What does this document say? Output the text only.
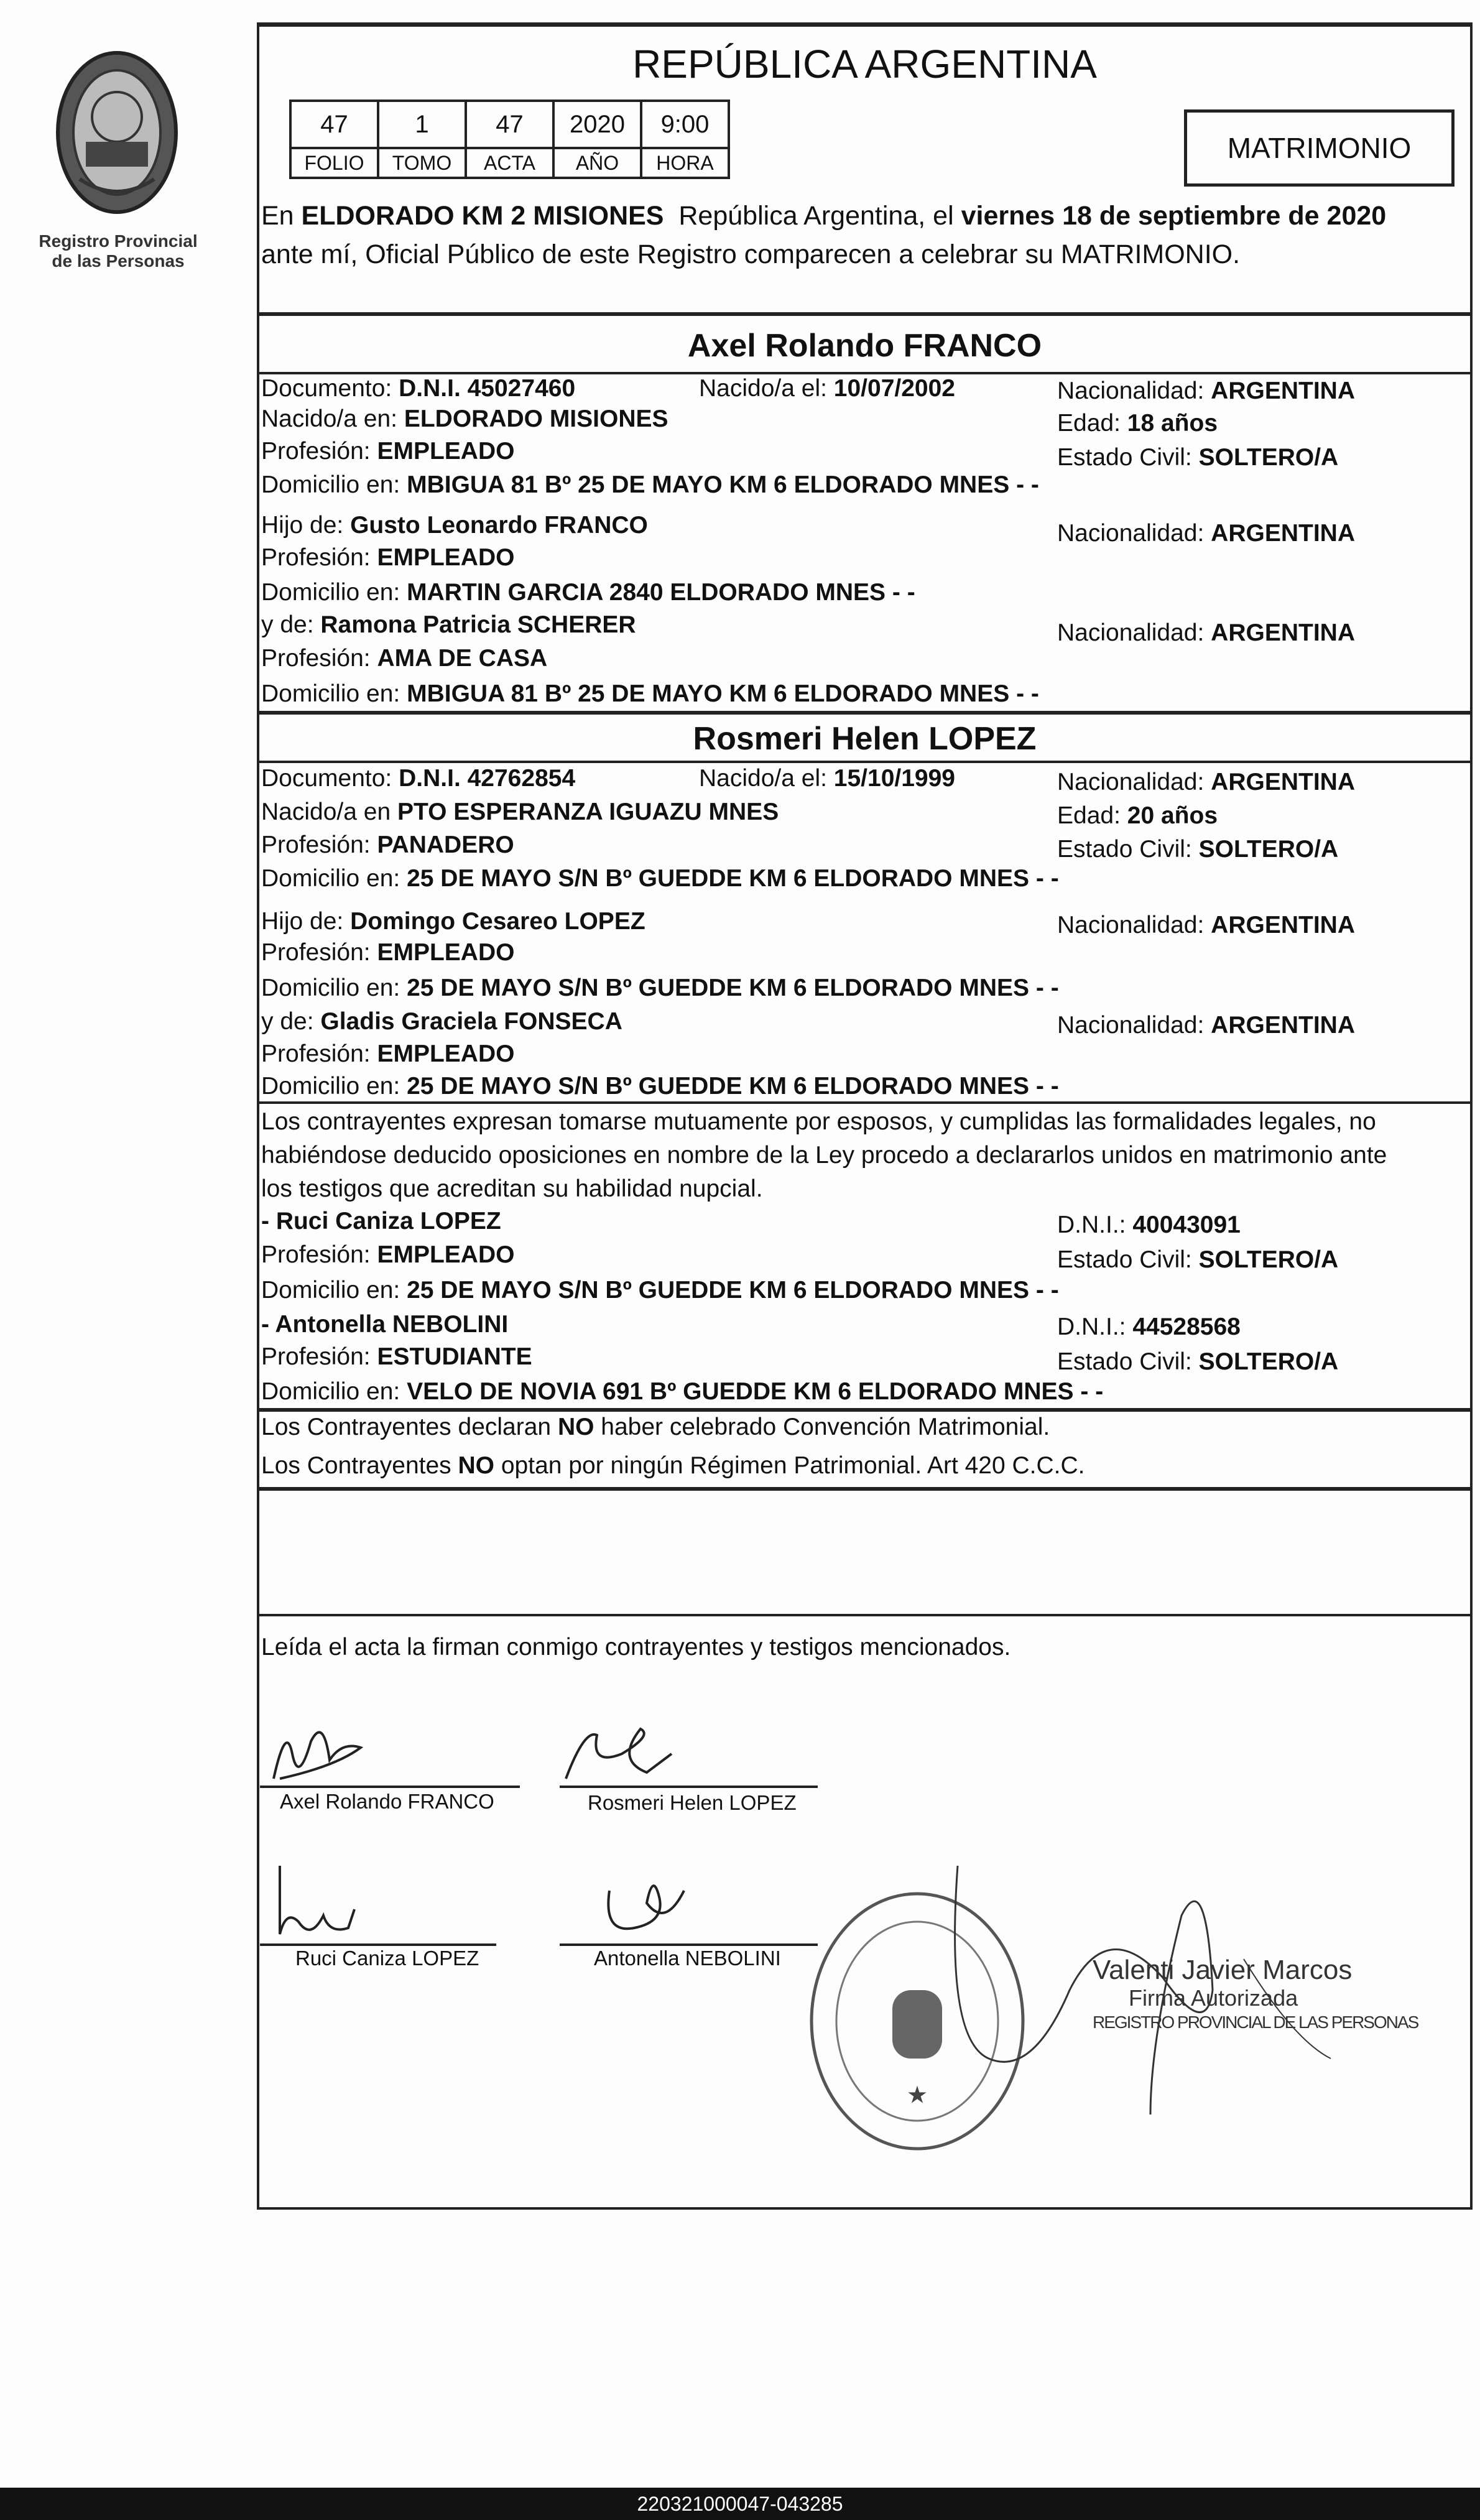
Registro Provincial
de las Personas
REPÚBLICA ARGENTINA
47	1	47	2020	9:00
FOLIO	TOMO	ACTA	AÑO	HORA	MATRIMONIO
En ELDORADO KM 2 MISIONES  República Argentina, el viernes 18 de septiembre de 2020
ante mí, Oficial Público de este Registro comparecen a celebrar su MATRIMONIO.
Axel Rolando FRANCO
Documento: D.N.I. 45027460	Nacido/a el: 10/07/2002	Nacionalidad: ARGENTINA
Nacido/a en: ELDORADO MISIONES	Edad: 18 años
Profesión: EMPLEADO	Estado Civil: SOLTERO/A
Domicilio en: MBIGUA 81 Bº 25 DE MAYO KM 6 ELDORADO MNES - -
Hijo de: Gusto Leonardo FRANCO	Nacionalidad: ARGENTINA
Profesión: EMPLEADO
Domicilio en: MARTIN GARCIA 2840 ELDORADO MNES - -
y de: Ramona Patricia SCHERER	Nacionalidad: ARGENTINA
Profesión: AMA DE CASA
Domicilio en: MBIGUA 81 Bº 25 DE MAYO KM 6 ELDORADO MNES - -
Rosmeri Helen LOPEZ
Documento: D.N.I. 42762854	Nacido/a el: 15/10/1999	Nacionalidad: ARGENTINA
Nacido/a en PTO ESPERANZA IGUAZU MNES	Edad: 20 años
Profesión: PANADERO	Estado Civil: SOLTERO/A
Domicilio en: 25 DE MAYO S/N Bº GUEDDE KM 6 ELDORADO MNES - -
Hijo de: Domingo Cesareo LOPEZ	Nacionalidad: ARGENTINA
Profesión: EMPLEADO
Domicilio en: 25 DE MAYO S/N Bº GUEDDE KM 6 ELDORADO MNES - -
y de: Gladis Graciela FONSECA	Nacionalidad: ARGENTINA
Profesión: EMPLEADO
Domicilio en: 25 DE MAYO S/N Bº GUEDDE KM 6 ELDORADO MNES - -
Los contrayentes expresan tomarse mutuamente por esposos, y cumplidas las formalidades legales, no
habiéndose deducido oposiciones en nombre de la Ley procedo a declararlos unidos en matrimonio ante
los testigos que acreditan su habilidad nupcial.
- Ruci Caniza LOPEZ	D.N.I.: 40043091
Profesión: EMPLEADO	Estado Civil: SOLTERO/A
Domicilio en: 25 DE MAYO S/N Bº GUEDDE KM 6 ELDORADO MNES - -
- Antonella NEBOLINI	D.N.I.: 44528568
Profesión: ESTUDIANTE	Estado Civil: SOLTERO/A
Domicilio en: VELO DE NOVIA 691 Bº GUEDDE KM 6 ELDORADO MNES - -
Los Contrayentes declaran NO haber celebrado Convención Matrimonial.
Los Contrayentes NO optan por ningún Régimen Patrimonial. Art 420 C.C.C.
Leída el acta la firman conmigo contrayentes y testigos mencionados.
Axel Rolando FRANCO	Rosmeri Helen LOPEZ
Ruci Caniza LOPEZ	Antonella NEBOLINI
★
Valenti Javier Marcos
Firma Autorizada
REGISTRO PROVINCIAL DE LAS PERSONAS
220321000047-043285
